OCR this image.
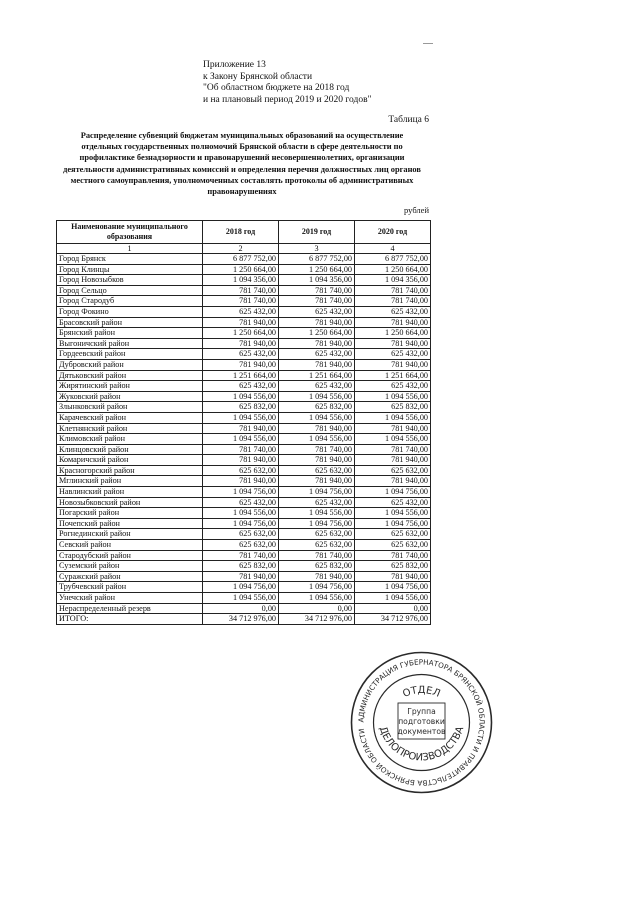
Приложение 13
к Закону Брянской области
"Об областном бюджете на 2018 год
и на плановый период 2019 и 2020 годов"
Таблица 6
Распределение субвенций бюджетам муниципальных образований на осуществление отдельных государственных полномочий Брянской области в сфере деятельности по профилактике безнадзорности и правонарушений несовершеннолетних, организации деятельности административных комиссий и определения перечня должностных лиц органов местного самоуправления, уполномоченных составлять протоколы об административных правонарушениях
рублей
Наименование муниципального образования	2018 год	2019 год	2020 год
1	2	3	4
Город Брянск	6 877 752,00	6 877 752,00	6 877 752,00
Город Клинцы	1 250 664,00	1 250 664,00	1 250 664,00
Город Новозыбков	1 094 356,00	1 094 356,00	1 094 356,00
Город Сельцо	781 740,00	781 740,00	781 740,00
Город Стародуб	781 740,00	781 740,00	781 740,00
Город Фокино	625 432,00	625 432,00	625 432,00
Брасовский район	781 940,00	781 940,00	781 940,00
Брянский район	1 250 664,00	1 250 664,00	1 250 664,00
Выгоничский район	781 940,00	781 940,00	781 940,00
Гордеевский район	625 432,00	625 432,00	625 432,00
Дубровский район	781 940,00	781 940,00	781 940,00
Дятьковский район	1 251 664,00	1 251 664,00	1 251 664,00
Жирятинский район	625 432,00	625 432,00	625 432,00
Жуковский район	1 094 556,00	1 094 556,00	1 094 556,00
Злынковский район	625 832,00	625 832,00	625 832,00
Карачевский район	1 094 556,00	1 094 556,00	1 094 556,00
Клетнянский район	781 940,00	781 940,00	781 940,00
Климовский район	1 094 556,00	1 094 556,00	1 094 556,00
Клинцовский район	781 740,00	781 740,00	781 740,00
Комаричский район	781 940,00	781 940,00	781 940,00
Красногорский район	625 632,00	625 632,00	625 632,00
Мглинский район	781 940,00	781 940,00	781 940,00
Навлинский район	1 094 756,00	1 094 756,00	1 094 756,00
Новозыбковский район	625 432,00	625 432,00	625 432,00
Погарский район	1 094 556,00	1 094 556,00	1 094 556,00
Почепский район	1 094 756,00	1 094 756,00	1 094 756,00
Рогнединский район	625 632,00	625 632,00	625 632,00
Севский район	625 632,00	625 632,00	625 632,00
Стародубский район	781 740,00	781 740,00	781 740,00
Суземский район	625 832,00	625 832,00	625 832,00
Суражский район	781 940,00	781 940,00	781 940,00
Трубчевский район	1 094 756,00	1 094 756,00	1 094 756,00
Унечский район	1 094 556,00	1 094 556,00	1 094 556,00
Нераспределенный резерв	0,00	0,00	0,00
ИТОГО:	34 712 976,00	34 712 976,00	34 712 976,00
АДМИНИСТРАЦИЯ ГУБЕРНАТОРА БРЯНСКОЙ ОБЛАСТИ И ПРАВИТЕЛЬСТВА БРЯНСКОЙ ОБЛАСТИ
ОТДЕЛ
ДЕЛОПРОИЗВОДСТВА
Группа
подготовки
документов
